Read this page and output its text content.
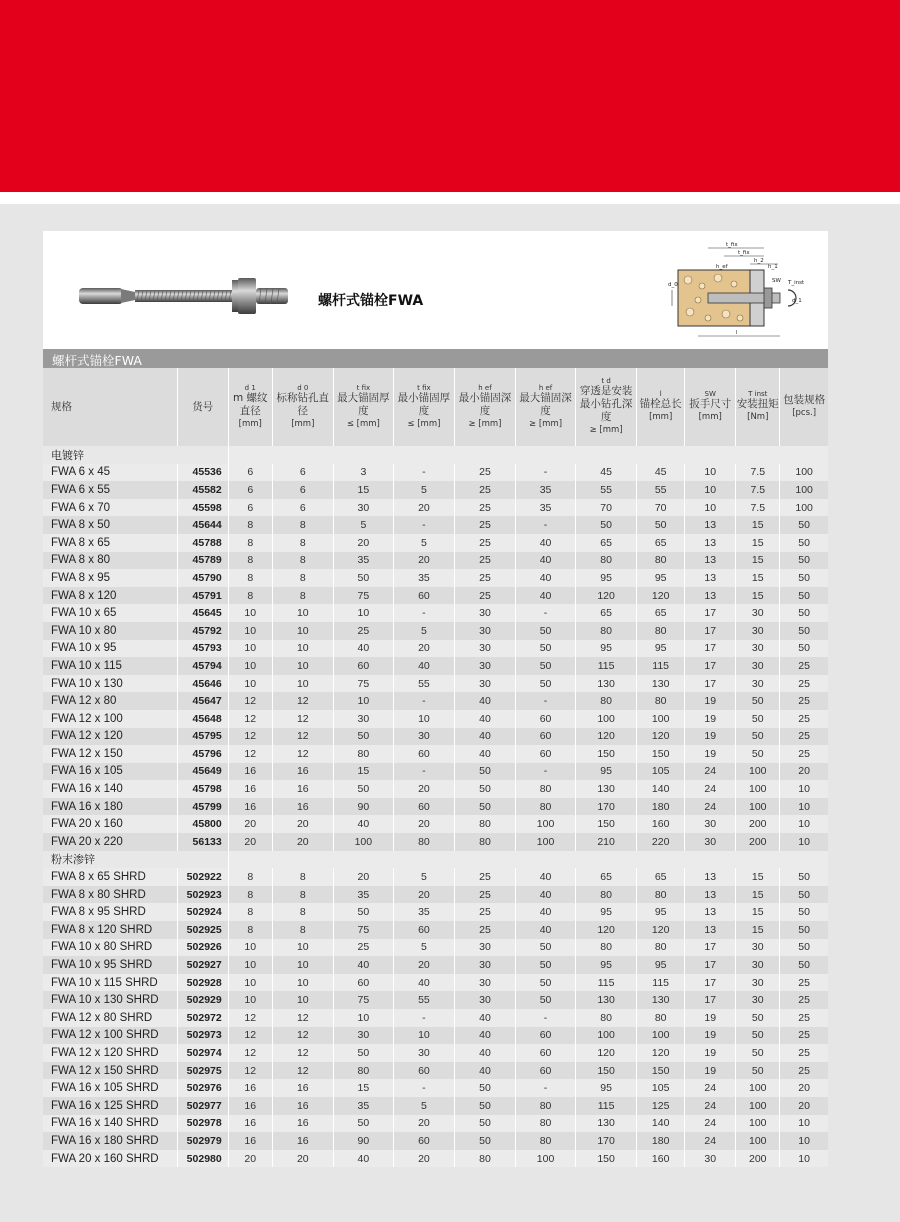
螺杆式锚栓FWA
t_fix
t_fix
h_ef
h_2
h_1
SW T_inst
d_0
d_1
l
螺杆式锚栓FWA
规格	货号	d 1
m 螺纹直径
[mm]	d 0
标称钻孔直径
[mm]	t fix
最大锚固厚度
≤ [mm]	t fix
最小锚固厚度
≤ [mm]	h ef
最小锚固深度
≥ [mm]	h ef
最大锚固深度
≥ [mm]	t d
穿透是安装最小钻孔深度
≥ [mm]	l
锚栓总长
[mm]	SW
扳手尺寸
[mm]	T inst
安装扭矩
[Nm]	包装规格
[pcs.]

电镀锌												
FWA 6 x 45	45536	6	6	3	-	25	-	45	45	10	7.5	100
FWA 6 x 55	45582	6	6	15	5	25	35	55	55	10	7.5	100
FWA 6 x 70	45598	6	6	30	20	25	35	70	70	10	7.5	100
FWA 8 x 50	45644	8	8	5	-	25	-	50	50	13	15	50
FWA 8 x 65	45788	8	8	20	5	25	40	65	65	13	15	50
FWA 8 x 80	45789	8	8	35	20	25	40	80	80	13	15	50
FWA 8 x 95	45790	8	8	50	35	25	40	95	95	13	15	50
FWA 8 x 120	45791	8	8	75	60	25	40	120	120	13	15	50
FWA 10 x 65	45645	10	10	10	-	30	-	65	65	17	30	50
FWA 10 x 80	45792	10	10	25	5	30	50	80	80	17	30	50
FWA 10 x 95	45793	10	10	40	20	30	50	95	95	17	30	50
FWA 10 x 115	45794	10	10	60	40	30	50	115	115	17	30	25
FWA 10 x 130	45646	10	10	75	55	30	50	130	130	17	30	25
FWA 12 x 80	45647	12	12	10	-	40	-	80	80	19	50	25
FWA 12 x 100	45648	12	12	30	10	40	60	100	100	19	50	25
FWA 12 x 120	45795	12	12	50	30	40	60	120	120	19	50	25
FWA 12 x 150	45796	12	12	80	60	40	60	150	150	19	50	25
FWA 16 x 105	45649	16	16	15	-	50	-	95	105	24	100	20
FWA 16 x 140	45798	16	16	50	20	50	80	130	140	24	100	10
FWA 16 x 180	45799	16	16	90	60	50	80	170	180	24	100	10
FWA 20 x 160	45800	20	20	40	20	80	100	150	160	30	200	10
FWA 20 x 220	56133	20	20	100	80	80	100	210	220	30	200	10
粉末渗锌												
FWA 8 x 65 SHRD	502922	8	8	20	5	25	40	65	65	13	15	50
FWA 8 x 80 SHRD	502923	8	8	35	20	25	40	80	80	13	15	50
FWA 8 x 95 SHRD	502924	8	8	50	35	25	40	95	95	13	15	50
FWA 8 x 120 SHRD	502925	8	8	75	60	25	40	120	120	13	15	50
FWA 10 x 80 SHRD	502926	10	10	25	5	30	50	80	80	17	30	50
FWA 10 x 95 SHRD	502927	10	10	40	20	30	50	95	95	17	30	50
FWA 10 x 115 SHRD	502928	10	10	60	40	30	50	115	115	17	30	25
FWA 10 x 130 SHRD	502929	10	10	75	55	30	50	130	130	17	30	25
FWA 12 x 80 SHRD	502972	12	12	10	-	40	-	80	80	19	50	25
FWA 12 x 100 SHRD	502973	12	12	30	10	40	60	100	100	19	50	25
FWA 12 x 120 SHRD	502974	12	12	50	30	40	60	120	120	19	50	25
FWA 12 x 150 SHRD	502975	12	12	80	60	40	60	150	150	19	50	25
FWA 16 x 105 SHRD	502976	16	16	15	-	50	-	95	105	24	100	20
FWA 16 x 125 SHRD	502977	16	16	35	5	50	80	115	125	24	100	20
FWA 16 x 140 SHRD	502978	16	16	50	20	50	80	130	140	24	100	10
FWA 16 x 180 SHRD	502979	16	16	90	60	50	80	170	180	24	100	10
FWA 20 x 160 SHRD	502980	20	20	40	20	80	100	150	160	30	200	10
